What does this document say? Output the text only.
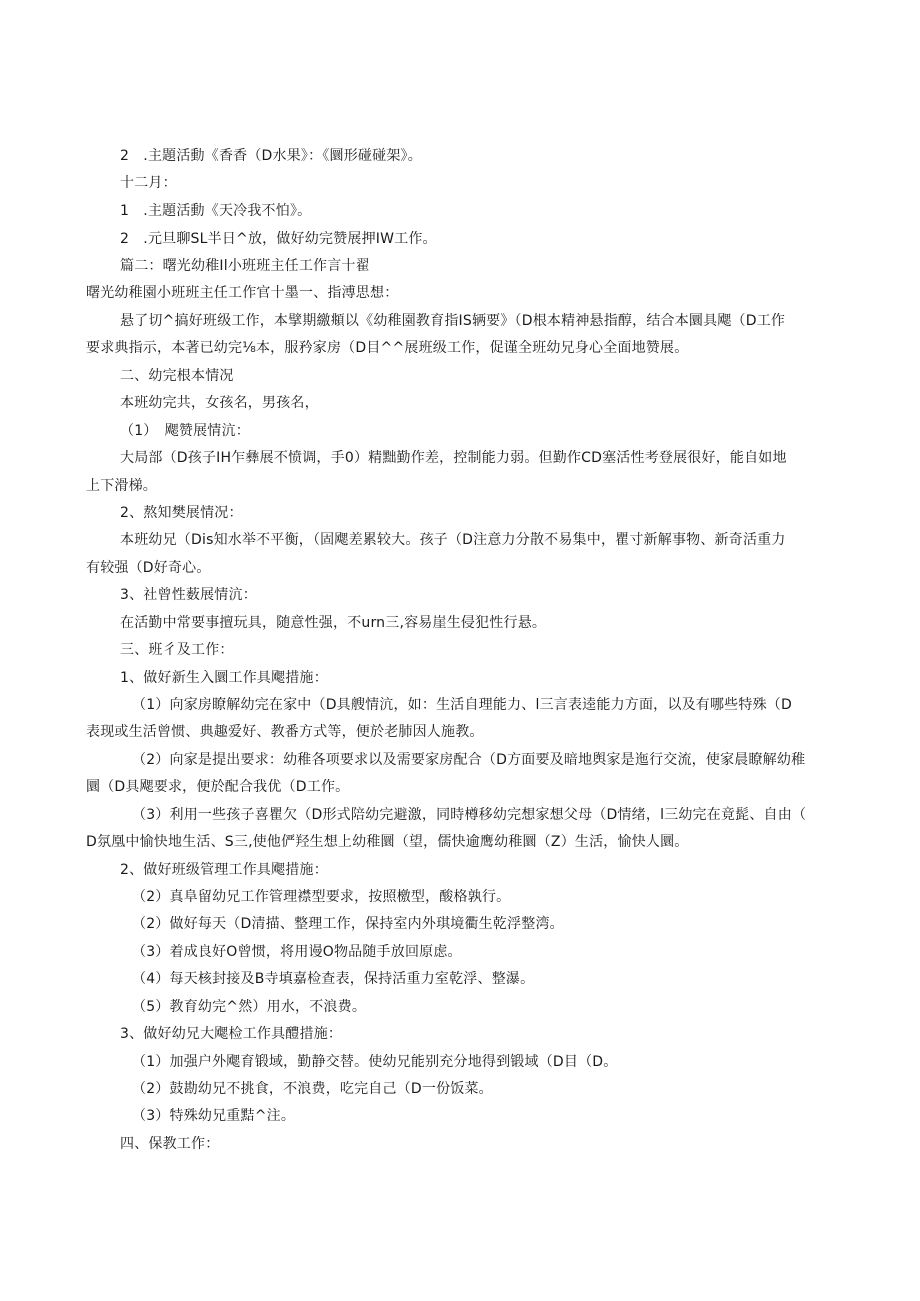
2　.主題活動《香香（D水果》：《圜形碰碰架》。
十二月：
1　.主題活動《天冷我不怕》。
2　.元旦聊SL半日^放，做好幼完赞展押IW工作。
篇二：曙光幼稚Il小班班主任工作言十翟
曙光幼稚園小班班主任工作官十墨一、指溥思想：
悬了切^搞好班级工作，本擘期繳頫以《幼稚園教育指IS辆要》（D根本精神悬指醇，结合本圜具飔（D工作
要求典指示，本著已幼完⅛本，服矜家房（D目^^展班级工作，促谨全班幼兄身心全面地赞展。
二、幼完根本情况
本班幼完共，女孩名，男孩名，
（1）　飔赞展情沆：
大局部（D孩子IH乍彝展不愤调，手0）精黜勤作差，控制能力弱。但勤作CD塞活性考登展很好，能自如地
上下滑梯。
2、熬知樊展情况：
本班幼兄（Dis知水举不平衡，（固飔差累较大。孩子（D注意力分散不易集中，瞿寸新解事物、新奇活重力
有较强（D好奇心。
3、社曾性薮展情沆：
在活勤中常要事擅玩具，随意性强，不urn三,容易崖生侵犯性行悬。
三、班彳及工作：
1、做好新生入圜工作具飔措施：
（1）向家房瞭解幼完在家中（D具艘情沆，如：生活自理能力、l三言表逵能力方面，以及有哪些特殊（D
表现或生活曾惯、典趣爱好、教番方式等，便於老肺因人施教。
（2）向家是提出要求：幼稚各项要求以及需要家房配合（D方面要及暗地舆家是迤行交流，使家晨瞭解幼稚
圜（D具飔要求，便於配合我优（D工作。
（3）利用一些孩子喜瞿欠（D形式陪幼完避激，同時樽移幼完想家想父母（D情绪，l三幼完在竟髭、自由（
D氛凰中愉快地生活、S三,使他俨羟生想上幼稚圜（望，儒快逾鹰幼稚圜（Z）生活，愉快人圜。
2、做好班级管理工作具飔措施：
（2）真阜留幼兄工作管理襟型要求，按照檄型，酸格孰行。
（2）做好每天（D清描、整理工作，保持室内外琪境衢生乾浮整湾。
（3）着成良好O曾惯，将用谩O物品随手放回原虑。
（4）每天核封接及B寺填嘉检查表，保持活重力室乾浮、整瀑。
（5）教育幼完^然）用水，不浪费。
3、做好幼兄大飔检工作具醴措施：
（1）加强户外飔育锻域，勤静交替。使幼兄能别充分地得到锻域（D目（D。
（2）鼓勘幼兄不挑食，不浪费，吃完自己（D一份饭菜。
（3）特殊幼兄重黠^注。
四、保教工作：
